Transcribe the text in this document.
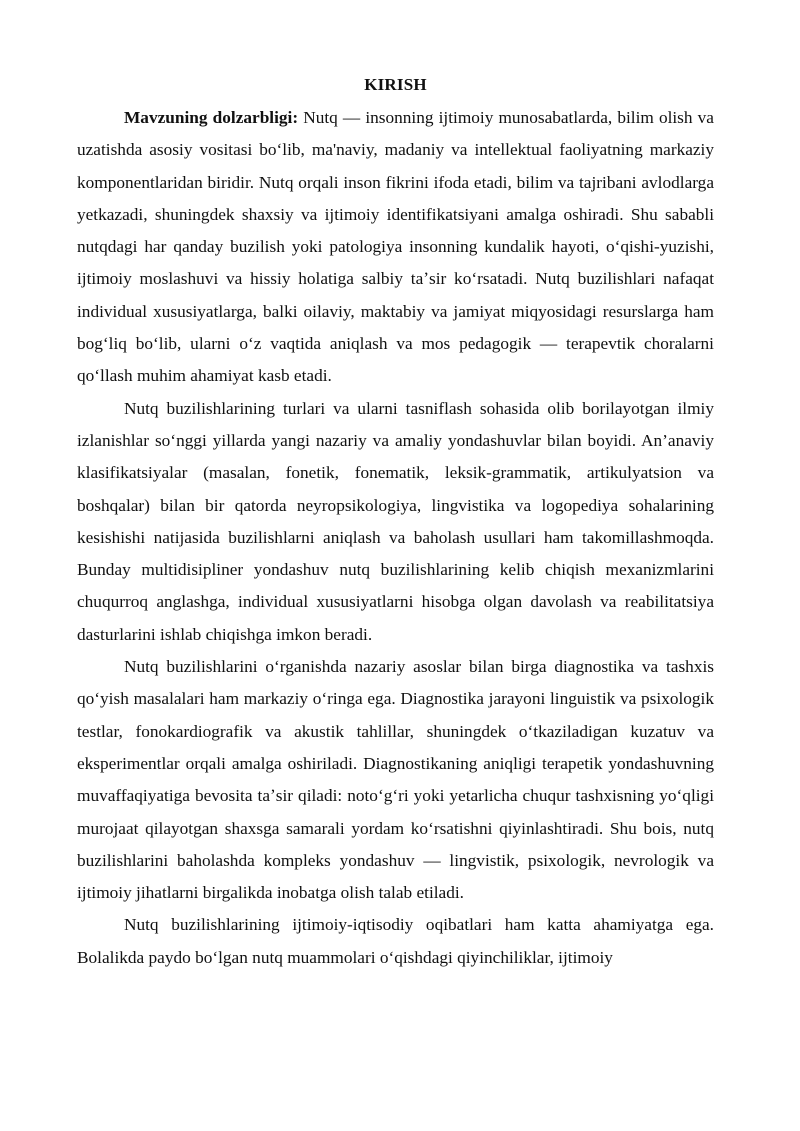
KIRISH

Mavzuning dolzarbligi: Nutq — insonning ijtimoiy munosabatlarda, bilim olish va uzatishda asosiy vositasi boʻlib, ma'naviy, madaniy va intellektual faoliyatning markaziy komponentlaridan biridir. Nutq orqali inson fikrini ifoda etadi, bilim va tajribani avlodlarga yetkazadi, shuningdek shaxsiy va ijtimoiy identifikatsiyani amalga oshiradi. Shu sababli nutqdagi har qanday buzilish yoki patologiya insonning kundalik hayoti, oʻqishi-yuzishi, ijtimoiy moslashuvi va hissiy holatiga salbiy taʼsir koʻrsatadi. Nutq buzilishlari nafaqat individual xususiyatlarga, balki oilaviy, maktabiy va jamiyat miqyosidagi resurslarga ham bogʻliq boʻlib, ularni oʻz vaqtida aniqlash va mos pedagogik — terapevtik choralarni qoʻllash muhim ahamiyat kasb etadi.

Nutq buzilishlarining turlari va ularni tasniflash sohasida olib borilayotgan ilmiy izlanishlar soʻnggi yillarda yangi nazariy va amaliy yondashuvlar bilan boyidi. An’anaviy klasifikatsiyalar (masalan, fonetik, fonematik, leksik-grammatik, artikulyatsion va boshqalar) bilan bir qatorda neyropsikologiya, lingvistika va logopediya sohalarining kesishishi natijasida buzilishlarni aniqlash va baholash usullari ham takomillashmoqda. Bunday multidisipliner yondashuv nutq buzilishlarining kelib chiqish mexanizmlarini chuqurroq anglashga, individual xususiyatlarni hisobga olgan davolash va reabilitatsiya dasturlarini ishlab chiqishga imkon beradi.

Nutq buzilishlarini oʻrganishda nazariy asoslar bilan birga diagnostika va tashxis qoʻyish masalalari ham markaziy oʻringa ega. Diagnostika jarayoni linguistik va psixologik testlar, fonokardiografik va akustik tahlillar, shuningdek oʻtkaziladigan kuzatuv va eksperimentlar orqali amalga oshiriladi. Diagnostikaning aniqligi terapetik yondashuvning muvaffaqiyatiga bevosita taʼsir qiladi: notoʻgʻri yoki yetarlicha chuqur tashxisning yoʻqligi murojaat qilayotgan shaxsga samarali yordam koʻrsatishni qiyinlashtiradi. Shu bois, nutq buzilishlarini baholashda kompleks yondashuv — lingvistik, psixologik, nevrologik va ijtimoiy jihatlarni birgalikda inobatga olish talab etiladi.

Nutq buzilishlarining ijtimoiy-iqtisodiy oqibatlari ham katta ahamiyatga ega. Bolalikda paydo boʻlgan nutq muammolari oʻqishdagi qiyinchiliklar, ijtimoiy
